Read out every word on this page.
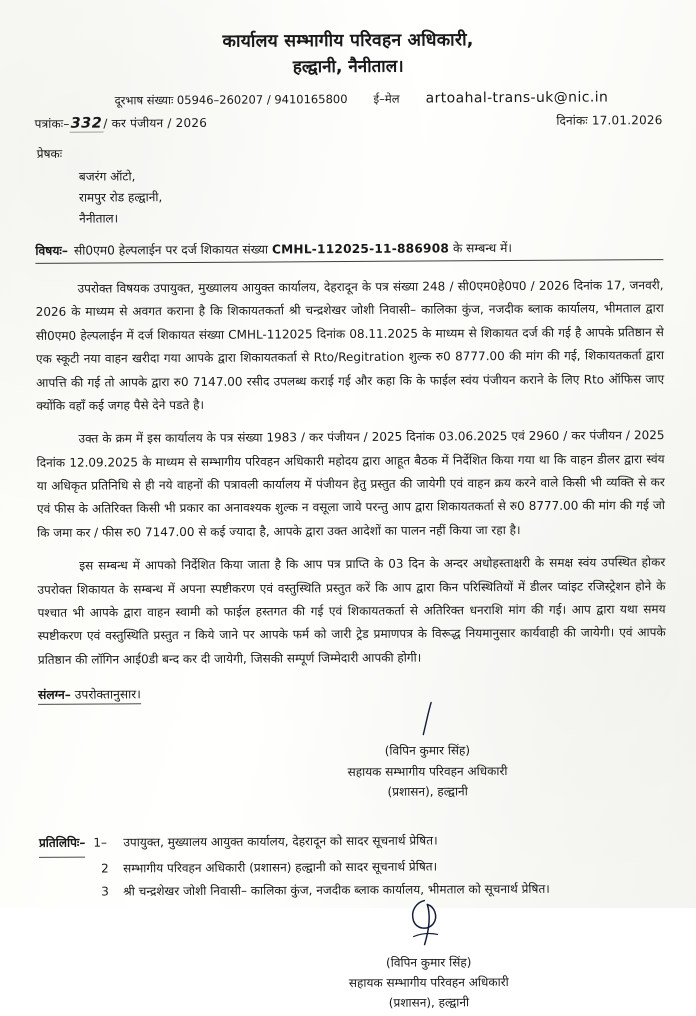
कार्यालय सम्भागीय परिवहन अधिकारी,
हल्द्वानी, नैनीताल।
दूरभाष संख्याः 05946–260207 / 9410165800 ई–मेल artoahal-trans-uk@nic.in
पत्रांकः–332/ कर पंजीयन / 2026	दिनांकः 17.01.2026
प्रेषकः
बजरंग ऑटो,
रामपुर रोड हल्द्वानी,
नैनीताल।
विषयः– सी0एम0 हेल्पलाईन पर दर्ज शिकायत संख्या CMHL-112025-11-886908 के सम्बन्ध में।

उपरोक्त विषयक उपायुक्त, मुख्यालय आयुक्त कार्यालय, देहरादून के पत्र संख्या 248 / सी0एम0हे0प0 / 2026 दिनांक 17, जनवरी, 2026 के माध्यम से अवगत कराना है कि शिकायतकर्ता श्री चन्द्रशेखर जोशी निवासी– कालिका कुंज, नजदीक ब्लाक कार्यालय, भीमताल द्वारा सी0एम0 हेल्पलाईन में दर्ज शिकायत संख्या CMHL-112025 दिनांक 08.11.2025 के माध्यम से शिकायत दर्ज की गई है आपके प्रतिष्ठान से एक स्कूटी नया वाहन खरीदा गया आपके द्वारा शिकायतकर्ता से Rto/Regitration शुल्क रु0 8777.00 की मांग की गई, शिकायतकर्ता द्वारा आपत्ति की गई तो आपके द्वारा रु0 7147.00 रसीद उपलब्ध कराई गई और कहा कि के फाईल स्वंय पंजीयन कराने के लिए Rto ऑफिस जाए क्योंकि वहाँ कई जगह पैसे देने पडते है।

उक्त के क्रम में इस कार्यालय के पत्र संख्या 1983 / कर पंजीयन / 2025 दिनांक 03.06.2025 एवं 2960 / कर पंजीयन / 2025 दिनांक 12.09.2025 के माध्यम से सम्भागीय परिवहन अधिकारी महोदय द्वारा आहूत बैठक में निर्देशित किया गया था कि वाहन डीलर द्वारा स्वंय या अधिकृत प्रतिनिधि से ही नये वाहनों की पत्रावली कार्यालय में पंजीयन हेतु प्रस्तुत की जायेगी एवं वाहन क्रय करने वाले किसी भी व्यक्ति से कर एवं फीस के अतिरिक्त किसी भी प्रकार का अनावश्यक शुल्क न वसूला जाये परन्तु आप द्वारा शिकायतकर्ता से रु0 8777.00 की मांग की गई जो कि जमा कर / फीस रु0 7147.00 से कई ज्यादा है, आपके द्वारा उक्त आदेशों का पालन नहीं किया जा रहा है।

इस सम्बन्ध में आपको निर्देशित किया जाता है कि आप पत्र प्राप्ति के 03 दिन के अन्दर अधोहस्ताक्षरी के समक्ष स्वंय उपस्थित होकर उपरोक्त शिकायत के सम्बन्ध में अपना स्पष्टीकरण एवं वस्तुस्थिति प्रस्तुत करें कि आप द्वारा किन परिस्थितियों में डीलर प्वांइट रजिस्ट्रेशन होने के पश्चात भी आपके द्वारा वाहन स्वामी को फाईल हस्तगत की गई एवं शिकायतकर्ता से अतिरिक्त धनराशि मांग की गई। आप द्वारा यथा समय स्पष्टीकरण एवं वस्तुस्थिति प्रस्तुत न किये जाने पर आपके फर्म को जारी ट्रेड प्रमाणपत्र के विरूद्ध नियमानुसार कार्यवाही की जायेगी। एवं आपके प्रतिष्ठान की लॉगिन आई0डी बन्द कर दी जायेगी, जिसकी सम्पूर्ण जिम्मेदारी आपकी होगी।

संलग्न– उपरोक्तानुसार।
(विपिन कुमार सिंह)
सहायक सम्भागीय परिवहन अधिकारी
(प्रशासन), हल्द्वानी
प्रतिलिपिः– 1–	उपायुक्त, मुख्यालय आयुक्त कार्यालय, देहरादून को सादर सूचनार्थ प्रेषित।
2	सम्भागीय परिवहन अधिकारी (प्रशासन) हल्द्वानी को सादर सूचनार्थ प्रेषित।
3	श्री चन्द्रशेखर जोशी निवासी– कालिका कुंज, नजदीक ब्लाक कार्यालय, भीमताल को सूचनार्थ प्रेषित।
(विपिन कुमार सिंह)
सहायक सम्भागीय परिवहन अधिकारी
(प्रशासन), हल्द्वानी
